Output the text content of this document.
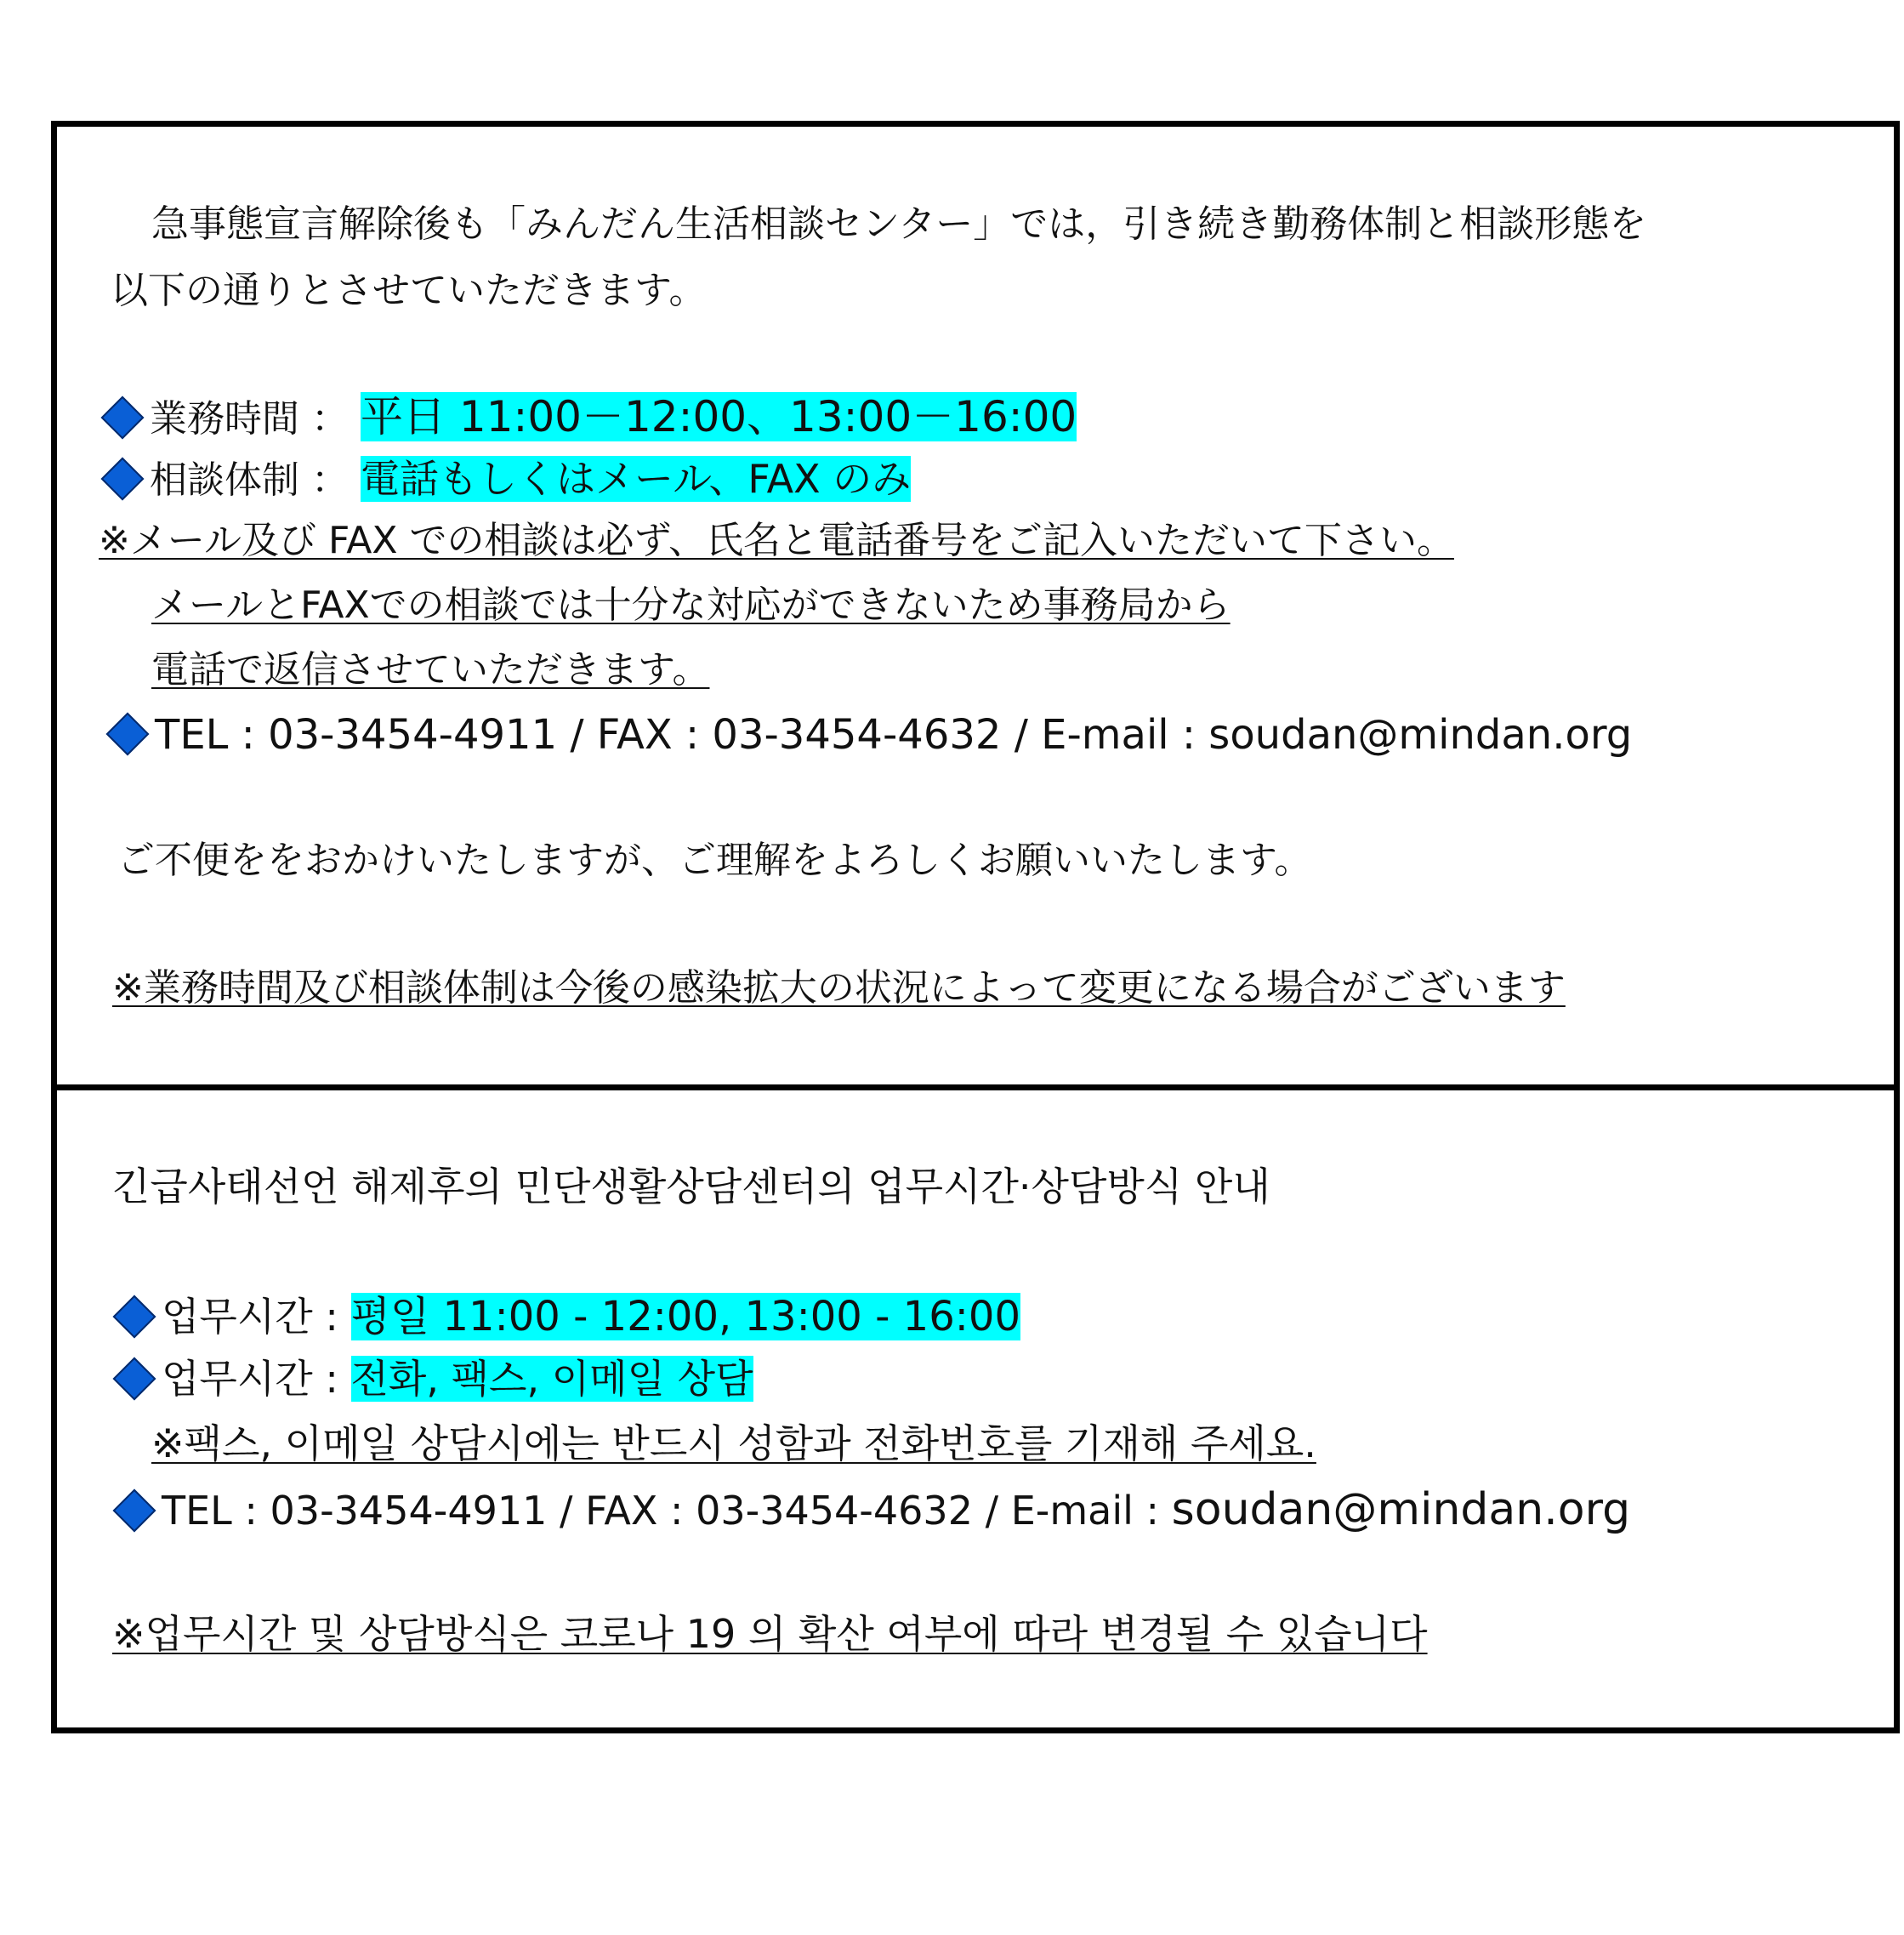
急事態宣言解除後も「みんだん生活相談センター」では，引き続き勤務体制と相談形態を
以下の通りとさせていただきます。
業務時間 ： 平日 11:00－12:00、13:00－16:00
相談体制 ： 電話もしくはメール、FAX のみ
※メール及び FAX での相談は必ず、氏名と電話番号をご記入いただいて下さい。
メールとFAXでの相談では十分な対応ができないため事務局から
電話で返信させていただきます。
TEL : 03-3454-4911 / FAX : 03-3454-4632 / E-mail : soudan@mindan.org
ご不便ををおかけいたしますが、ご理解をよろしくお願いいたします。
※業務時間及び相談体制は今後の感染拡大の状況によって変更になる場合がございます
긴급사태선언 해제후의 민단생활상담센터의 업무시간·상담방식 안내
업무시간 : 평일 11:00 - 12:00, 13:00 - 16:00
업무시간 : 전화, 팩스, 이메일 상담
※팩스, 이메일 상담시에는 반드시 성함과 전화번호를 기재해 주세요.
TEL : 03-3454-4911 / FAX : 03-3454-4632 / E-mail : soudan@mindan.org
※업무시간 및 상담방식은 코로나 19 의 확산 여부에 따라 변경될 수 있습니다
